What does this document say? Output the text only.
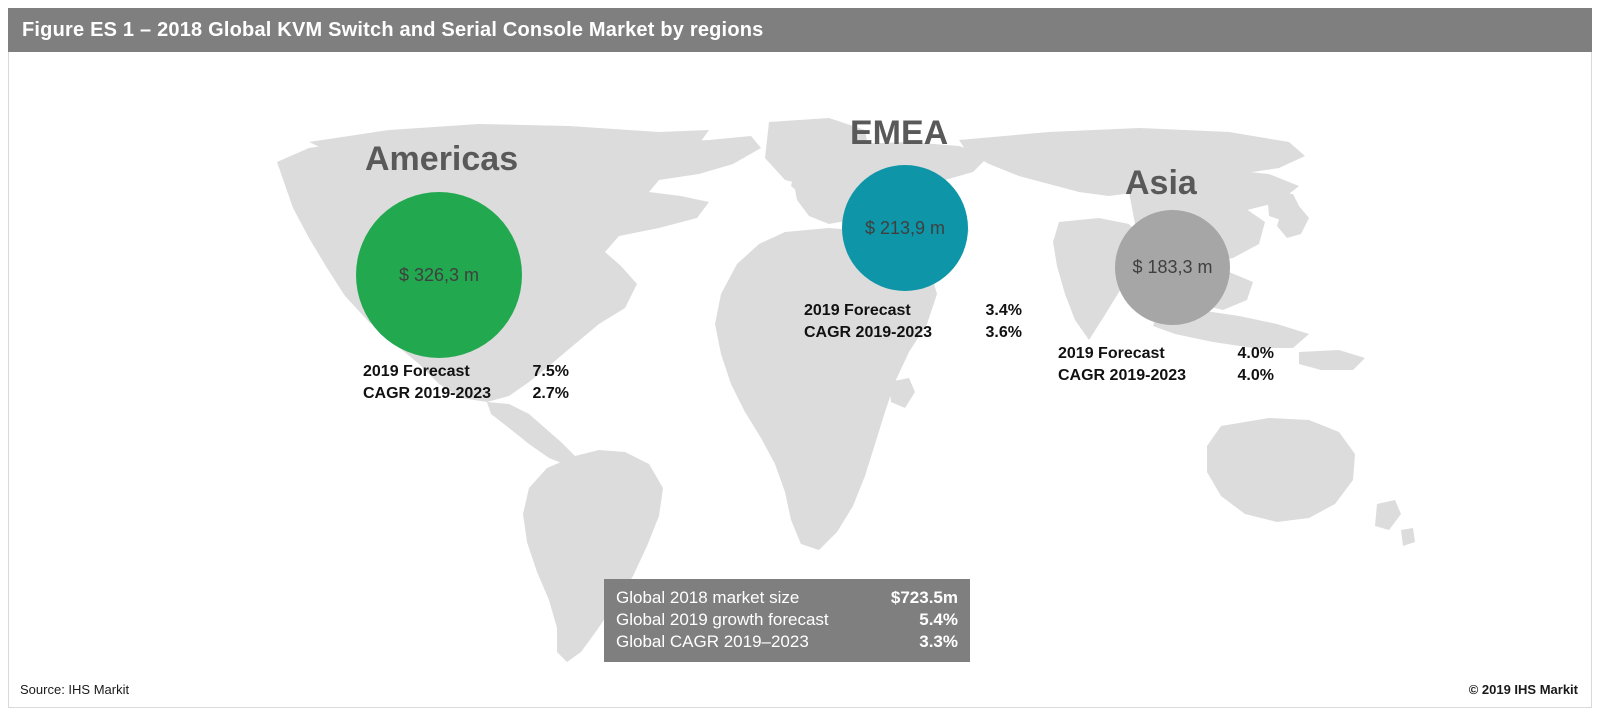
Figure ES 1 – 2018 Global KVM Switch and Serial Console Market by regions
Americas
$ 326,3 m
2019 Forecast	7.5%
CAGR 2019-2023	2.7%
EMEA
$ 213,9 m
2019 Forecast	3.4%
CAGR 2019-2023	3.6%
Asia
$ 183,3 m
2019 Forecast	4.0%
CAGR 2019-2023	4.0%
Global 2018 market size	$723.5m
Global 2019 growth forecast	5.4%
Global CAGR 2019–2023	3.3%
Source: IHS Markit	© 2019 IHS Markit
